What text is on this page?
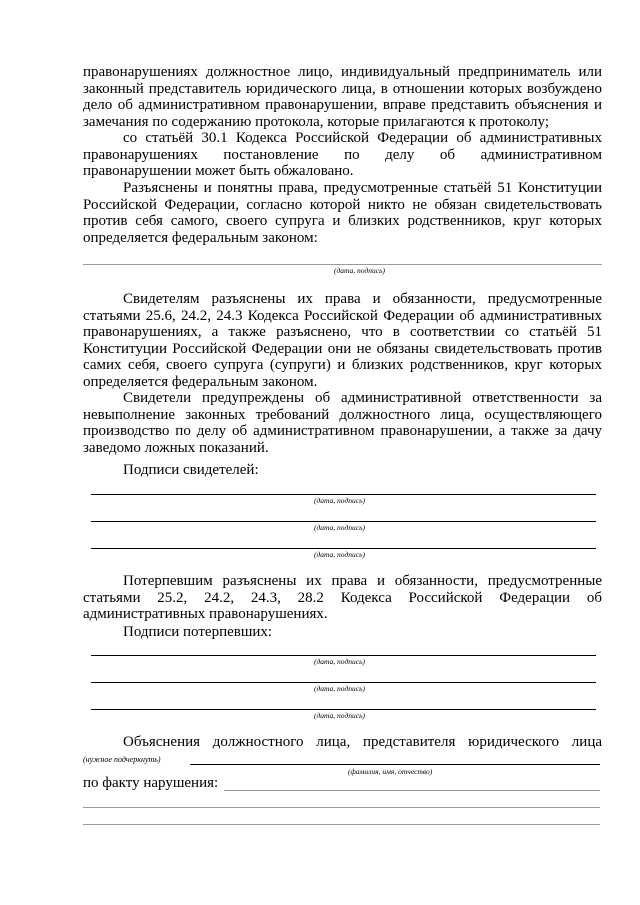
правонарушениях должностное лицо, индивидуальный предприниматель или законный представитель юридического лица, в отношении которых возбуждено дело об административном правонарушении, вправе представить объяснения и замечания по содержанию протокола, которые прилагаются к протоколу;
со статьёй 30.1 Кодекса Российской Федерации об административных правонарушениях постановление по делу об административном правонарушении может быть обжаловано.
Разъяснены и понятны права, предусмотренные статьёй 51 Конституции Российской Федерации, согласно которой никто не обязан свидетельствовать против себя самого, своего супруга и близких родственников, круг которых определяется федеральным законом:
(дата, подпись)
Свидетелям разъяснены их права и обязанности, предусмотренные статьями 25.6, 24.2, 24.3 Кодекса Российской Федерации об административных правонарушениях, а также разъяснено, что в соответствии со статьёй 51 Конституции Российской Федерации они не обязаны свидетельствовать против самих себя, своего супруга (супруги) и близких родственников, круг которых определяется федеральным законом.
Свидетели предупреждены об административной ответственности за невыполнение законных требований должностного лица, осуществляющего производство по делу об административном правонарушении, а также за дачу заведомо ложных показаний.
Подписи свидетелей:
(дата, подпись)
(дата, подпись)
(дата, подпись)
Потерпевшим разъяснены их права и обязанности, предусмотренные статьями 25.2, 24.2, 24.3, 28.2 Кодекса Российской Федерации об административных правонарушениях.
Подписи потерпевших:
(дата, подпись)
(дата, подпись)
(дата, подпись)
Объяснения должностного лица, представителя юридического лица
(нужное подчеркнуть)
(фамилия, имя, отчество)
по факту нарушения:
